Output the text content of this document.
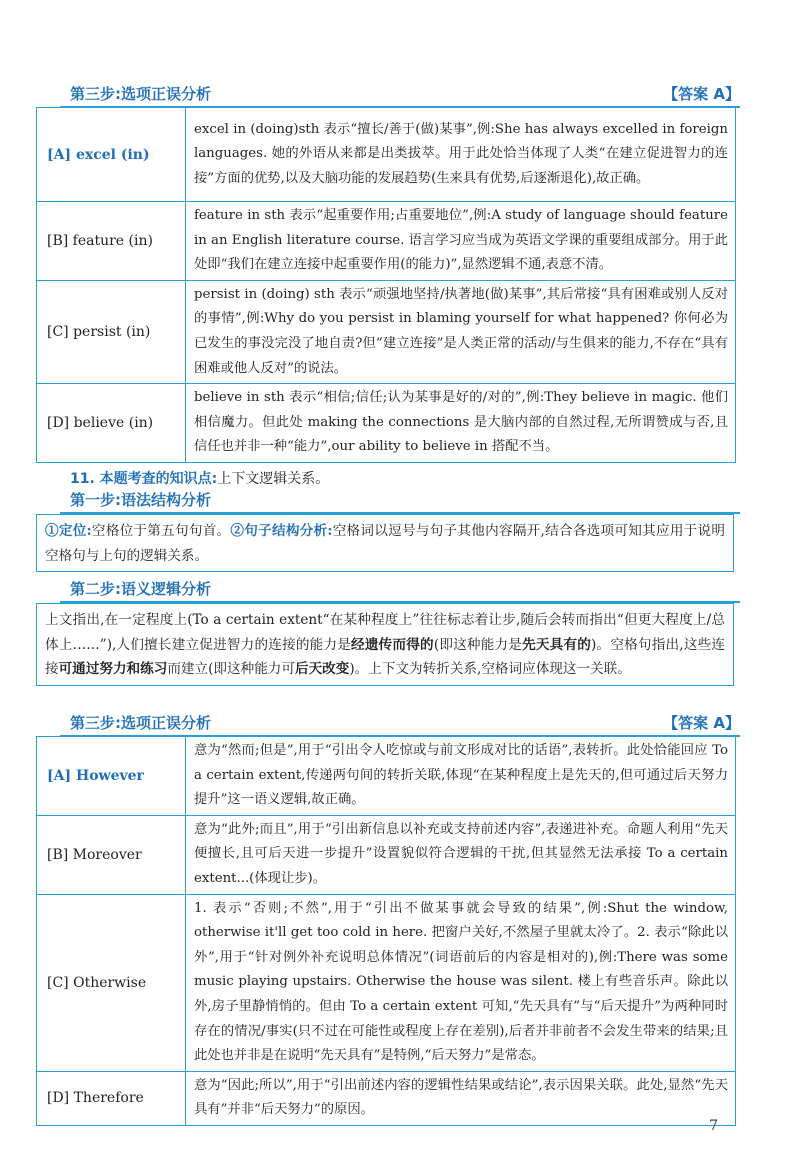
第三步:选项正误分析	【答案 A】
[A] excel (in)	excel in (doing)sth 表示“擅长/善于(做)某事”,例:She has always excelled in foreign languages. 她的外语从来都是出类拔萃。用于此处恰当体现了人类“在建立促进智力的连接”方面的优势,以及大脑功能的发展趋势(生来具有优势,后逐渐退化),故正确。
[B] feature (in)	feature in sth 表示“起重要作用;占重要地位”,例:A study of language should feature in an English literature course. 语言学习应当成为英语文学课的重要组成部分。用于此处即“我们在建立连接中起重要作用(的能力)”,显然逻辑不通,表意不清。
[C] persist (in)	persist in (doing) sth 表示“顽强地坚持/执著地(做)某事”,其后常接“具有困难或别人反对的事情”,例:Why do you persist in blaming yourself for what happened? 你何必为已发生的事没完没了地自责?但“建立连接”是人类正常的活动/与生俱来的能力,不存在“具有困难或他人反对”的说法。
[D] believe (in)	believe in sth 表示“相信;信任;认为某事是好的/对的”,例:They believe in magic. 他们相信魔力。但此处 making the connections 是大脑内部的自然过程,无所谓赞成与否,且信任也并非一种“能力”,our ability to believe in 搭配不当。
11. 本题考查的知识点:上下文逻辑关系。
第一步:语法结构分析
①定位:空格位于第五句句首。②句子结构分析:空格词以逗号与句子其他内容隔开,结合各选项可知其应用于说明空格句与上句的逻辑关系。
第二步:语义逻辑分析
上文指出,在一定程度上(To a certain extent“在某种程度上”往往标志着让步,随后会转而指出“但更大程度上/总体上……”),人们擅长建立促进智力的连接的能力是经遗传而得的(即这种能力是先天具有的)。空格句指出,这些连接可通过努力和练习而建立(即这种能力可后天改变)。上下文为转折关系,空格词应体现这一关联。
第三步:选项正误分析	【答案 A】
[A] However	意为“然而;但是”,用于“引出令人吃惊或与前文形成对比的话语”,表转折。此处恰能回应 To a certain extent,传递两句间的转折关联,体现“在某种程度上是先天的,但可通过后天努力提升”这一语义逻辑,故正确。
[B] Moreover	意为“此外;而且”,用于“引出新信息以补充或支持前述内容”,表递进补充。命题人利用“先天便擅长,且可后天进一步提升”设置貌似符合逻辑的干扰,但其显然无法承接 To a certain extent...(体现让步)。
[C] Otherwise	1. 表示“否则;不然”,用于“引出不做某事就会导致的结果”,例:Shut the window, otherwise it'll get too cold in here. 把窗户关好,不然屋子里就太冷了。2. 表示“除此以外”,用于“针对例外补充说明总体情况”(词语前后的内容是相对的),例:There was some music playing upstairs. Otherwise the house was silent. 楼上有些音乐声。除此以外,房子里静悄悄的。但由 To a certain extent 可知,“先天具有”与“后天提升”为两种同时存在的情况/事实(只不过在可能性或程度上存在差别),后者并非前者不会发生带来的结果;且此处也并非是在说明“先天具有”是特例,“后天努力”是常态。
[D] Therefore	意为“因此;所以”,用于“引出前述内容的逻辑性结果或结论”,表示因果关联。此处,显然“先天具有”并非“后天努力”的原因。
7
